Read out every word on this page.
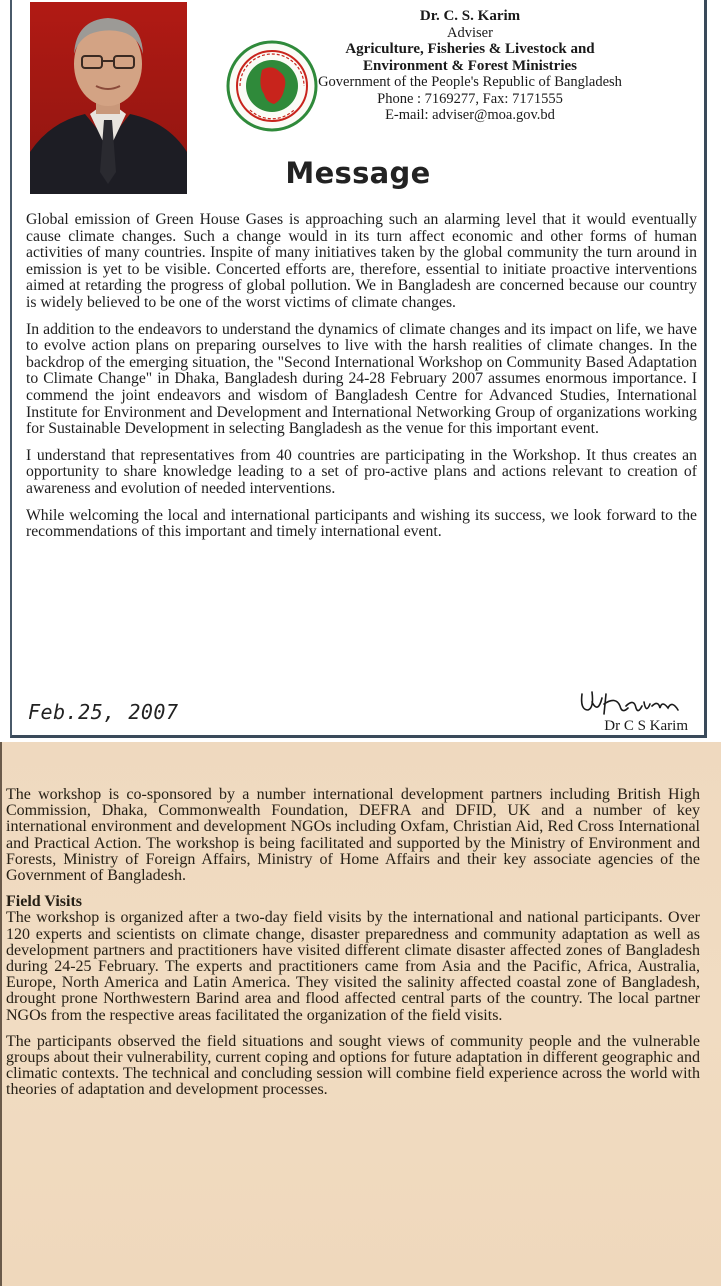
Dr. C. S. Karim
Adviser
Agriculture, Fisheries & Livestock and
Environment & Forest Ministries
Government of the People's Republic of Bangladesh
Phone : 7169277, Fax: 7171555
E-mail: adviser@moa.gov.bd
Message

Global emission of Green House Gases is approaching such an alarming level that it would eventually cause climate changes. Such a change would in its turn affect economic and other forms of human activities of many countries. Inspite of many initiatives taken by the global community the turn around in emission is yet to be visible. Concerted efforts are, therefore, essential to initiate proactive interventions aimed at retarding the progress of global pollution. We in Bangladesh are concerned because our country is widely believed to be one of the worst victims of climate changes.

In addition to the endeavors to understand the dynamics of climate changes and its impact on life, we have to evolve action plans on preparing ourselves to live with the harsh realities of climate changes. In the backdrop of the emerging situation, the "Second International Workshop on Community Based Adaptation to Climate Change" in Dhaka, Bangladesh during 24-28 February 2007 assumes enormous importance. I commend the joint endeavors and wisdom of Bangladesh Centre for Advanced Studies, International Institute for Environment and Development and International Networking Group of organizations working for Sustainable Development in selecting Bangladesh as the venue for this important event.

I understand that representatives from 40 countries are participating in the Workshop. It thus creates an opportunity to share knowledge leading to a set of pro-active plans and actions relevant to creation of awareness and evolution of needed interventions.

While welcoming the local and international participants and wishing its success, we look forward to the recommendations of this important and timely international event.

Feb.25, 2007
Dr C S Karim

The workshop is co-sponsored by a number international development partners including British High Commission, Dhaka, Commonwealth Foundation, DEFRA and DFID, UK and a number of key international environment and development NGOs including Oxfam, Christian Aid, Red Cross International and Practical Action. The workshop is being facilitated and supported by the Ministry of Environment and Forests, Ministry of Foreign Affairs, Ministry of Home Affairs and their key associate agencies of the Government of Bangladesh.

Field Visits

The workshop is organized after a two-day field visits by the international and national participants. Over 120 experts and scientists on climate change, disaster preparedness and community adaptation as well as development partners and practitioners have visited different climate disaster affected zones of Bangladesh during 24-25 February. The experts and practitioners came from Asia and the Pacific, Africa, Australia, Europe, North America and Latin America. They visited the salinity affected coastal zone of Bangladesh, drought prone Northwestern Barind area and flood affected central parts of the country. The local partner NGOs from the respective areas facilitated the organization of the field visits.

The participants observed the field situations and sought views of community people and the vulnerable groups about their vulnerability, current coping and options for future adaptation in different geographic and climatic contexts. The technical and concluding session will combine field experience across the world with theories of adaptation and development processes.
